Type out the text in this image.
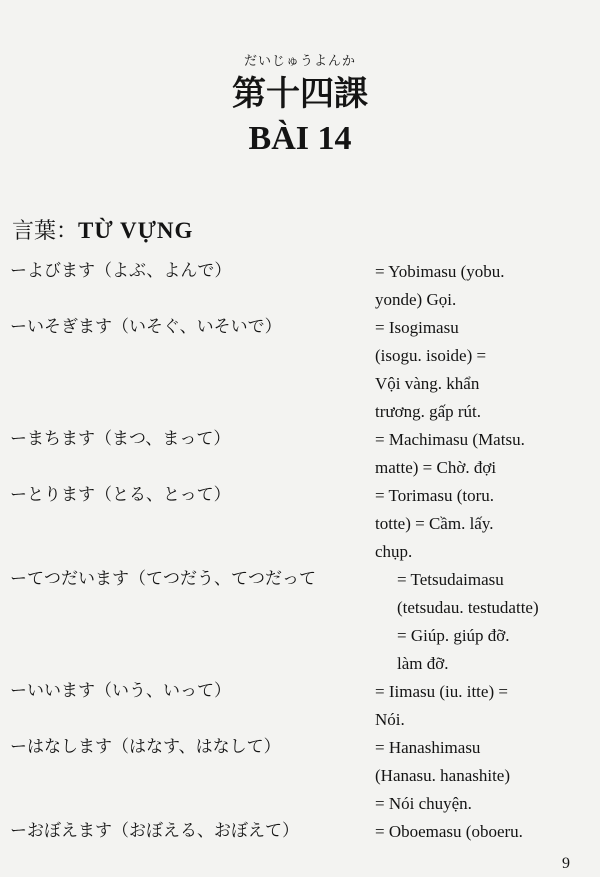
だいじゅうよんか
第十四課
BÀI 14
言葉：TỪ VỰNG
ーよびます（よぶ、よんで）	= Yobimasu (yobu.
yonde) Gọi.
ーいそぎます（いそぐ、いそいで）	= Isogimasu
(isogu. isoide) =
Vội vàng. khẩn
trương. gấp rút.
ーまちます（まつ、まって）	= Machimasu (Matsu.
matte) = Chờ. đợi
ーとります（とる、とって）	= Torimasu (toru.
totte) = Cầm. lấy.
chụp.
ーてつだいます（てつだう、てつだって	= Tetsudaimasu
(tetsudau. testudatte)
= Giúp. giúp đỡ.
làm đỡ.
ーいいます（いう、いって）	= Iimasu (iu. itte) =
Nói.
ーはなします（はなす、はなして）	= Hanashimasu
(Hanasu. hanashite)
= Nói chuyện.
ーおぼえます（おぼえる、おぼえて）	= Oboemasu (oboeru.
9
